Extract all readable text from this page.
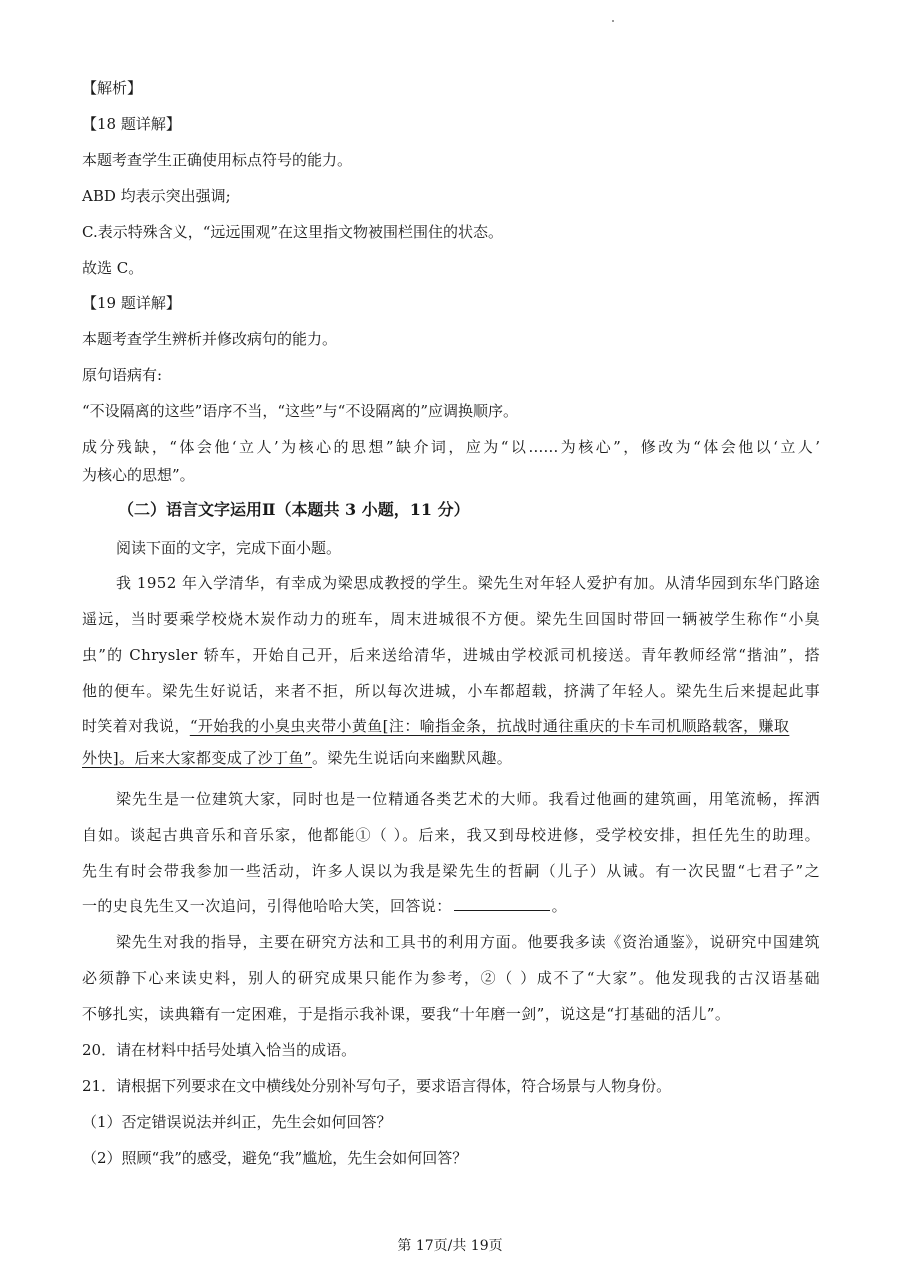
【解析】
【18 题详解】
本题考查学生正确使用标点符号的能力。
ABD 均表示突出强调;
C.表示特殊含义，“远远围观”在这里指文物被围栏围住的状态。
故选 C。
【19 题详解】
本题考查学生辨析并修改病句的能力。
原句语病有:
“不设隔离的这些”语序不当，“这些”与“不设隔离的”应调换顺序。
成分残缺，“体会他‘立人’为核心的思想”缺介词，应为“以……为核心”，修改为“体会他以‘立人’
为核心的思想”。
（二）语言文字运用Ⅱ（本题共 3 小题，11 分）
阅读下面的文字，完成下面小题。
我 1952 年入学清华，有幸成为梁思成教授的学生。梁先生对年轻人爱护有加。从清华园到东华门路途
遥远，当时要乘学校烧木炭作动力的班车，周末进城很不方便。梁先生回国时带回一辆被学生称作“小臭
虫”的 Chrysler 轿车，开始自己开，后来送给清华，进城由学校派司机接送。青年教师经常“揩油”，搭
他的便车。梁先生好说话，来者不拒，所以每次进城，小车都超载，挤满了年轻人。梁先生后来提起此事
时笑着对我说，“开始我的小臭虫夹带小黄鱼[注：喻指金条，抗战时通往重庆的卡车司机顺路载客，赚取
外快]。后来大家都变成了沙丁鱼”。梁先生说话向来幽默风趣。
梁先生是一位建筑大家，同时也是一位精通各类艺术的大师。我看过他画的建筑画，用笔流畅，挥洒
自如。谈起古典音乐和音乐家，他都能①（ ）。后来，我又到母校进修，受学校安排，担任先生的助理。
先生有时会带我参加一些活动，许多人误以为我是梁先生的哲嗣（儿子）从诫。有一次民盟“七君子”之
一的史良先生又一次追问，引得他哈哈大笑，回答说：	。
梁先生对我的指导，主要在研究方法和工具书的利用方面。他要我多读《资治通鉴》，说研究中国建筑
必须静下心来读史料，别人的研究成果只能作为参考，②（ ）成不了“大家”。他发现我的古汉语基础
不够扎实，读典籍有一定困难，于是指示我补课，要我“十年磨一剑”，说这是“打基础的活儿”。
20．请在材料中括号处填入恰当的成语。
21．请根据下列要求在文中横线处分别补写句子，要求语言得体，符合场景与人物身份。
（1）否定错误说法并纠正，先生会如何回答？
（2）照顾“我”的感受，避免“我”尴尬，先生会如何回答？
第 17页/共 19页
